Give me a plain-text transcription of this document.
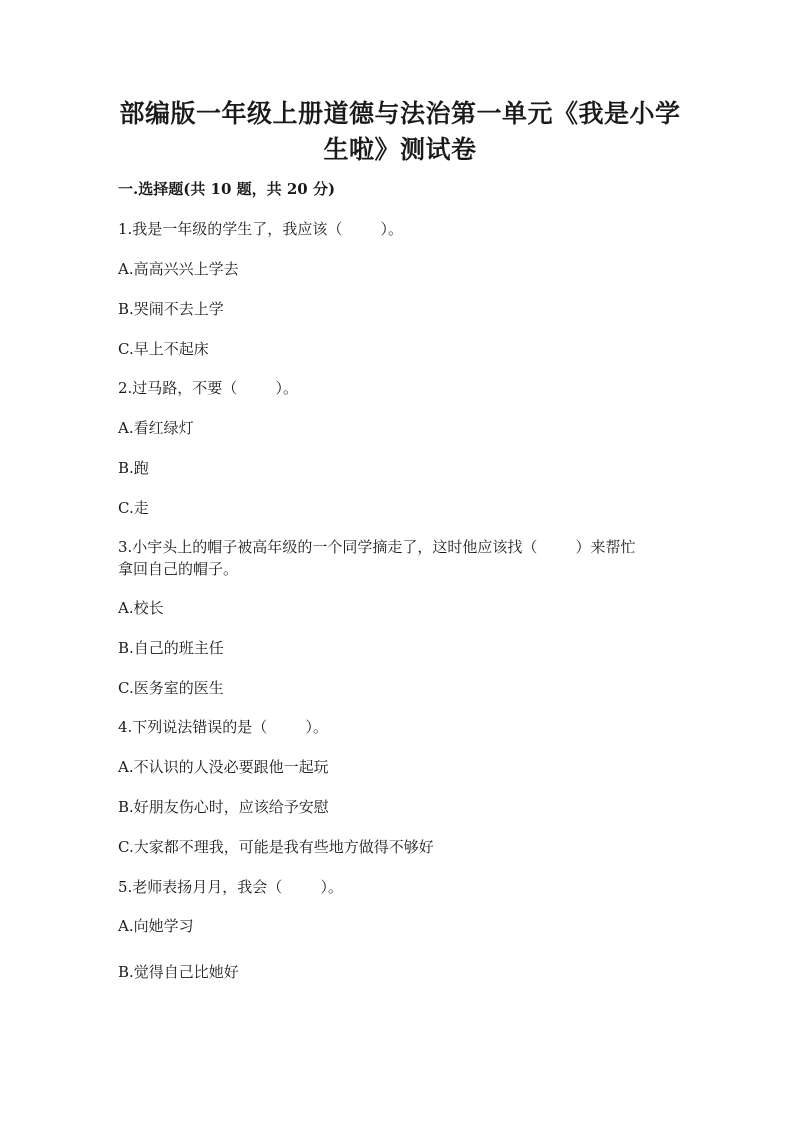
部编版一年级上册道德与法治第一单元《我是小学
生啦》测试卷

一.选择题(共 10 题，共 20 分)

1.我是一年级的学生了，我应该（        ）。

A.高高兴兴上学去

B.哭闹不去上学

C.早上不起床

2.过马路，不要（        ）。

A.看红绿灯

B.跑

C.走

3.小宇头上的帽子被高年级的一个同学摘走了，这时他应该找（        ）来帮忙

拿回自己的帽子。

A.校长

B.自己的班主任

C.医务室的医生

4.下列说法错误的是（        ）。

A.不认识的人没必要跟他一起玩

B.好朋友伤心时，应该给予安慰

C.大家都不理我，可能是我有些地方做得不够好

5.老师表扬月月，我会（        ）。

A.向她学习

B.觉得自己比她好
